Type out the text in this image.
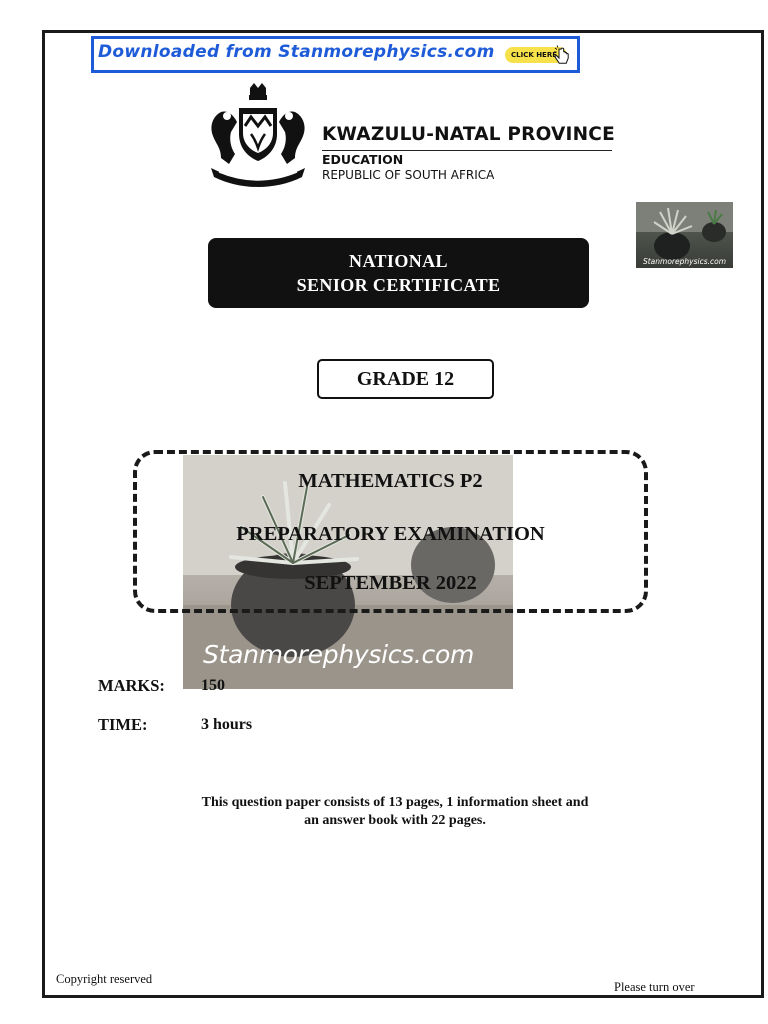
Downloaded from Stanmorephysics.com	CLICK HERE
KWAZULU-NATAL PROVINCE
EDUCATION
REPUBLIC OF SOUTH AFRICA
Stanmorephysics.com
NATIONAL
SENIOR CERTIFICATE
GRADE 12
Stanmorephysics.com
MATHEMATICS P2
PREPARATORY EXAMINATION
SEPTEMBER 2022
MARKS: 150
TIME:	3 hours
This question paper consists of 13 pages, 1 information sheet and
an answer book with 22 pages.
Copyright reserved
Please turn over
